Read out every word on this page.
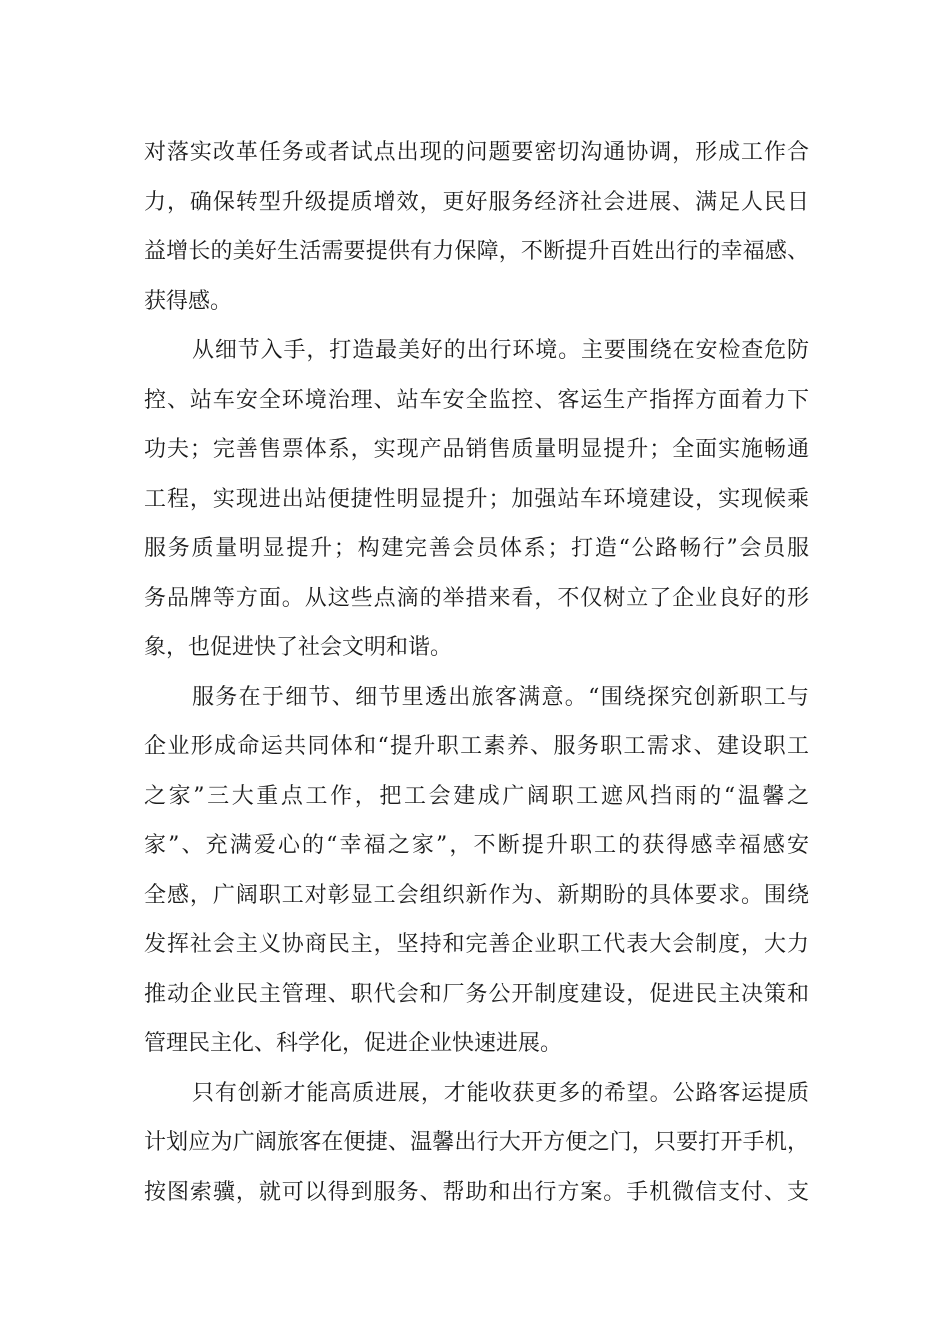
对落实改革任务或者试点出现的问题要密切沟通协调，形成工作合
力，确保转型升级提质增效，更好服务经济社会进展、满足人民日
益增长的美好生活需要提供有力保障，不断提升百姓出行的幸福感、
获得感。
从细节入手，打造最美好的出行环境。主要围绕在安检查危防
控、站车安全环境治理、站车安全监控、客运生产指挥方面着力下
功夫；完善售票体系，实现产品销售质量明显提升；全面实施畅通
工程，实现进出站便捷性明显提升；加强站车环境建设，实现候乘
服务质量明显提升；构建完善会员体系；打造“公路畅行”会员服
务品牌等方面。从这些点滴的举措来看，不仅树立了企业良好的形
象，也促进快了社会文明和谐。
服务在于细节、细节里透出旅客满意。“围绕探究创新职工与
企业形成命运共同体和“提升职工素养、服务职工需求、建设职工
之家”三大重点工作，把工会建成广阔职工遮风挡雨的“温馨之
家”、充满爱心的“幸福之家”，不断提升职工的获得感幸福感安
全感，广阔职工对彰显工会组织新作为、新期盼的具体要求。围绕
发挥社会主义协商民主，坚持和完善企业职工代表大会制度，大力
推动企业民主管理、职代会和厂务公开制度建设，促进民主决策和
管理民主化、科学化，促进企业快速进展。
只有创新才能高质进展，才能收获更多的希望。公路客运提质
计划应为广阔旅客在便捷、温馨出行大开方便之门，只要打开手机，
按图索骥，就可以得到服务、帮助和出行方案。手机微信支付、支
